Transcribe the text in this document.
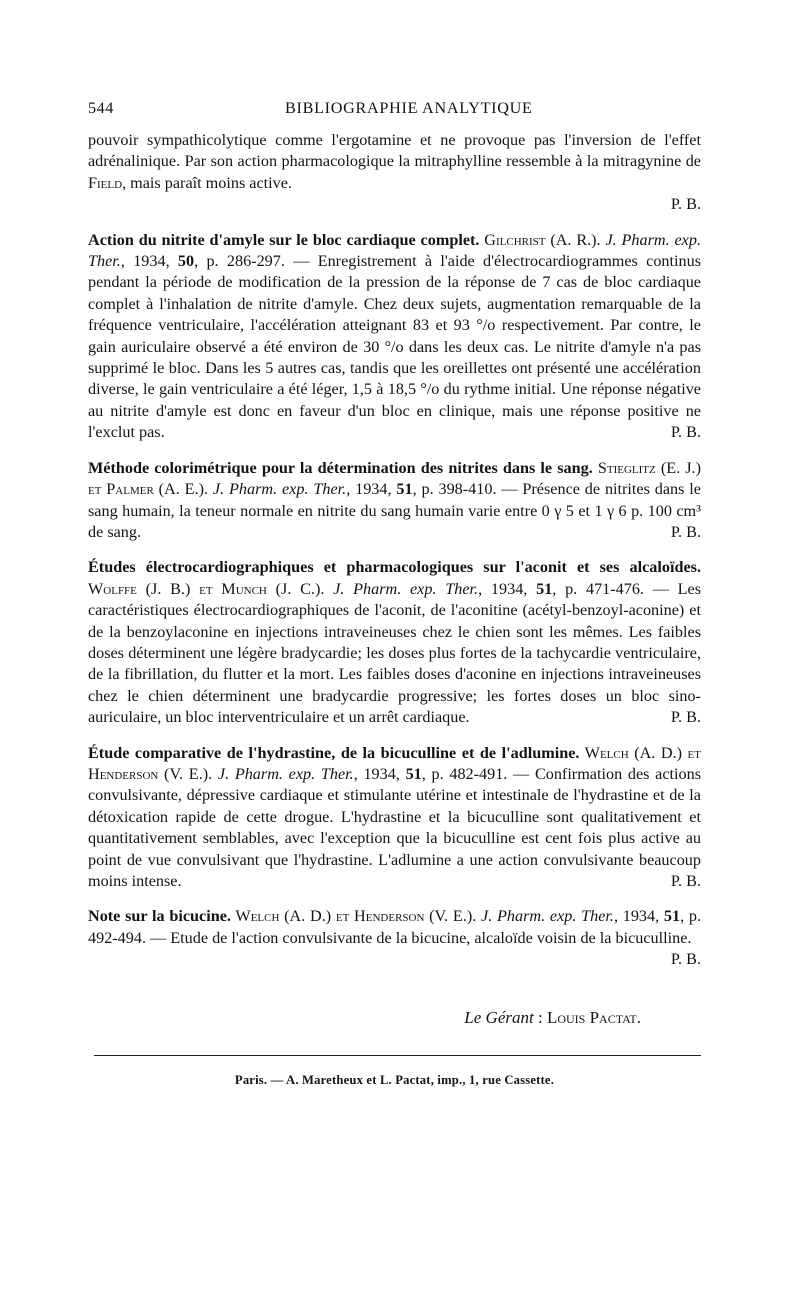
544	BIBLIOGRAPHIE ANALYTIQUE

pouvoir sympathicolytique comme l'ergotamine et ne provoque pas l'inversion de l'effet adrénalinique. Par son action pharmacologique la mitraphylline ressemble à la mitragynine de Field, mais paraît moins active.

P. B.

Action du nitrite d'amyle sur le bloc cardiaque complet. Gilchrist (A. R.). J. Pharm. exp. Ther., 1934, 50, p. 286-297. — Enregistrement à l'aide d'électrocardiogrammes continus pendant la période de modification de la pression de la réponse de 7 cas de bloc cardiaque complet à l'inhalation de nitrite d'amyle. Chez deux sujets, augmentation remarquable de la fréquence ventriculaire, l'accélération atteignant 83 et 93 °/o respectivement. Par contre, le gain auriculaire observé a été environ de 30 °/o dans les deux cas. Le nitrite d'amyle n'a pas supprimé le bloc. Dans les 5 autres cas, tandis que les oreillettes ont présenté une accélération diverse, le gain ventriculaire a été léger, 1,5 à 18,5 °/o du rythme initial. Une réponse négative au nitrite d'amyle est donc en faveur d'un bloc en clinique, mais une réponse positive ne l'exclut pas.	P. B.

Méthode colorimétrique pour la détermination des nitrites dans le sang. Stieglitz (E. J.) et Palmer (A. E.). J. Pharm. exp. Ther., 1934, 51, p. 398-410. — Présence de nitrites dans le sang humain, la teneur normale en nitrite du sang humain varie entre 0 γ 5 et 1 γ 6 p. 100 cm³ de sang.	P. B.

Études électrocardiographiques et pharmacologiques sur l'aconit et ses alcaloïdes. Wolffe (J. B.) et Munch (J. C.). J. Pharm. exp. Ther., 1934, 51, p. 471-476. — Les caractéristiques électrocardiographiques de l'aconit, de l'aconitine (acétyl-benzoyl-aconine) et de la benzoylaconine en injections intraveineuses chez le chien sont les mêmes. Les faibles doses déterminent une légère bradycardie; les doses plus fortes de la tachycardie ventriculaire, de la fibrillation, du flutter et la mort. Les faibles doses d'aconine en injections intraveineuses chez le chien déterminent une bradycardie progressive; les fortes doses un bloc sino-auriculaire, un bloc interventriculaire et un arrêt cardiaque.	P. B.

Étude comparative de l'hydrastine, de la bicuculline et de l'adlumine. Welch (A. D.) et Henderson (V. E.). J. Pharm. exp. Ther., 1934, 51, p. 482-491. — Confirmation des actions convulsivante, dépressive cardiaque et stimulante utérine et intestinale de l'hydrastine et de la détoxication rapide de cette drogue. L'hydrastine et la bicuculline sont qualitativement et quantitativement semblables, avec l'exception que la bicuculline est cent fois plus active au point de vue convulsivant que l'hydrastine. L'adlumine a une action convulsivante beaucoup moins intense.	P. B.

Note sur la bicucine. Welch (A. D.) et Henderson (V. E.). J. Pharm. exp. Ther., 1934, 51, p. 492-494. — Etude de l'action convulsivante de la bicucine, alcaloïde voisin de la bicuculline.
P. B.

Le Gérant : Louis Pactat.
Paris. — A. Maretheux et L. Pactat, imp., 1, rue Cassette.
